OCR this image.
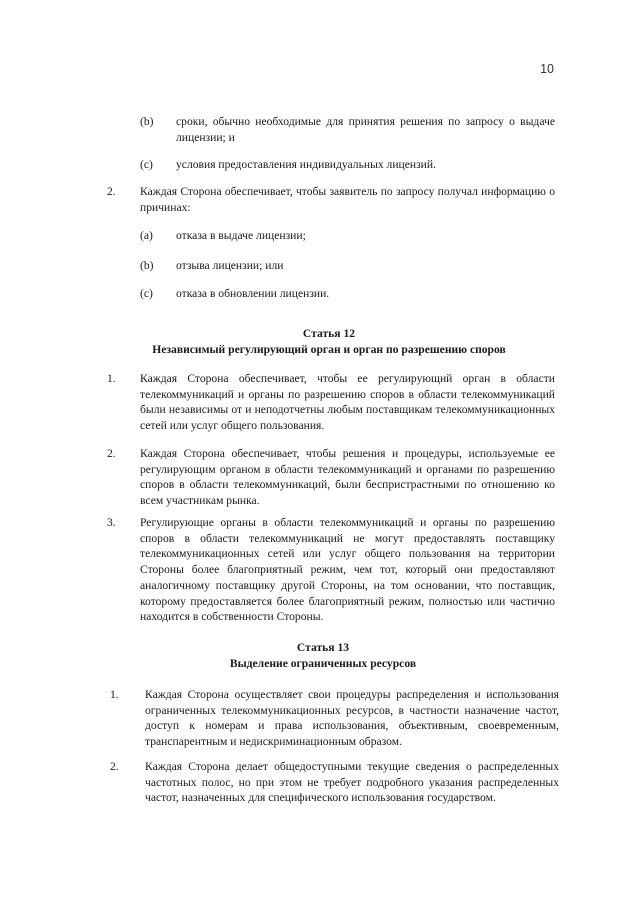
10
(b) сроки, обычно необходимые для принятия решения по запросу о выдаче лицензии; и
(c) условия предоставления индивидуальных лицензий.
2. Каждая Сторона обеспечивает, чтобы заявитель по запросу получал информацию о причинах:
(a) отказа в выдаче лицензии;
(b) отзыва лицензии; или
(c) отказа в обновлении лицензии.
Статья 12
Независимый регулирующий орган и орган по разрешению споров
1. Каждая Сторона обеспечивает, чтобы ее регулирующий орган в области телекоммуникаций и органы по разрешению споров в области телекоммуникаций были независимы от и неподотчетны любым поставщикам телекоммуникационных сетей или услуг общего пользования.
2. Каждая Сторона обеспечивает, чтобы решения и процедуры, используемые ее регулирующим органом в области телекоммуникаций и органами по разрешению споров в области телекоммуникаций, были беспристрастными по отношению ко всем участникам рынка.
3. Регулирующие органы в области телекоммуникаций и органы по разрешению споров в области телекоммуникаций не могут предоставлять поставщику телекоммуникационных сетей или услуг общего пользования на территории Стороны более благоприятный режим, чем тот, который они предоставляют аналогичному поставщику другой Стороны, на том основании, что поставщик, которому предоставляется более благоприятный режим, полностью или частично находится в собственности Стороны.
Статья 13
Выделение ограниченных ресурсов
1. Каждая Сторона осуществляет свои процедуры распределения и использования ограниченных телекоммуникационных ресурсов, в частности назначение частот, доступ к номерам и права использования, объективным, своевременным, транспарентным и недискриминационным образом.
2. Каждая Сторона делает общедоступными текущие сведения о распределенных частотных полос, но при этом не требует подробного указания распределенных частот, назначенных для специфического использования государством.
